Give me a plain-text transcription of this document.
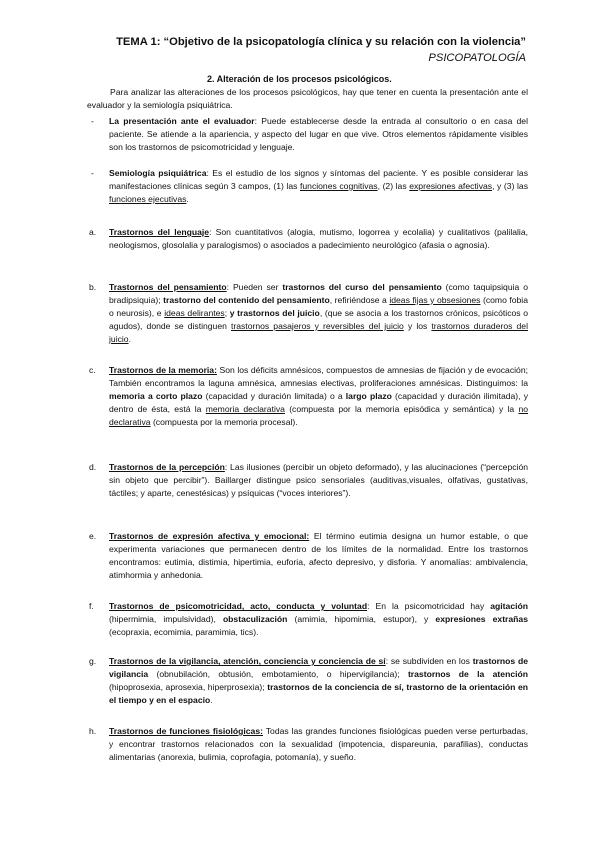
TEMA 1: “Objetivo de la psicopatología clínica y su relación con la violencia”
PSICOPATOLOGÍA
2. Alteración de los procesos psicológicos.
Para analizar las alteraciones de los procesos psicológicos, hay que tener en cuenta la presentación ante el evaluador y la semiología psiquiátrica.
- La presentación ante el evaluador: Puede establecerse desde la entrada al consultorio o en casa del paciente. Se atiende a la apariencia, y aspecto del lugar en que vive. Otros elementos rápidamente visibles son los trastornos de psicomotricidad y lenguaje.
- Semiología psiquiátrica: Es el estudio de los signos y síntomas del paciente. Y es posible considerar las manifestaciones clínicas según 3 campos, (1) las funciones cognitivas, (2) las expresiones afectivas, y (3) las funciones ejecutivas.
a. Trastornos del lenguaje: Son cuantitativos (alogia, mutismo, logorrea y ecolalia) y cualitativos (palilalia, neologismos, glosolalia y paralogismos) o asociados a padecimiento neurológico (afasia o agnosia).
b. Trastornos del pensamiento: Pueden ser trastornos del curso del pensamiento (como taquipsiquia o bradipsiquia); trastorno del contenido del pensamiento, refiriéndose a ideas fijas y obsesiones (como fobia o neurosis), e ideas delirantes; y trastornos del juicio, (que se asocia a los trastornos crónicos, psicóticos o agudos), donde se distinguen trastornos pasajeros y reversibles del juicio y los trastornos duraderos del juicio.
c. Trastornos de la memoria: Son los déficits amnésicos, compuestos de amnesias de fijación y de evocación; También encontramos la laguna amnésica, amnesias electivas, proliferaciones amnésicas. Distinguimos: la memoria a corto plazo (capacidad y duración limitada) o a largo plazo (capacidad y duración ilimitada), y dentro de ésta, está la memoria declarativa (compuesta por la memoria episódica y semántica) y la no declarativa (compuesta por la memoria procesal).
d. Trastornos de la percepción: Las ilusiones (percibir un objeto deformado), y las alucinaciones (“percepción sin objeto que percibir”). Baillarger distingue psico sensoriales (auditivas,visuales, olfativas, gustativas, táctiles; y aparte, cenestésicas) y psíquicas (“voces interiores”).
e. Trastornos de expresión afectiva y emocional: El término eutimia designa un humor estable, o que experimenta variaciones que permanecen dentro de los límites de la normalidad. Entre los trastornos encontramos: eutimia, distimia, hipertimia, euforia, afecto depresivo, y disforia. Y anomalías: ambivalencia, atimhormia y anhedonia.
f. Trastornos de psicomotricidad, acto, conducta y voluntad: En la psicomotricidad hay agitación (hipermimia, impulsividad), obstaculización (amimia, hipomimia, estupor), y expresiones extrañas (ecopraxia, ecomimia, paramimia, tics).
g. Trastornos de la vigilancia, atención, conciencia y conciencia de sí: se subdividen en los trastornos de vigilancia (obnubilación, obtusión, embotamiento, o hipervigilancia); trastornos de la atención (hipoprosexia, aprosexia, hiperprosexia); trastornos de la conciencia de sí, trastorno de la orientación en el tiempo y en el espacio.
h. Trastornos de funciones fisiológicas: Todas las grandes funciones fisiológicas pueden verse perturbadas, y encontrar trastornos relacionados con la sexualidad (impotencia, dispareunia, parafilias), conductas alimentarias (anorexia, bulimia, coprofagia, potomanía), y sueño.
